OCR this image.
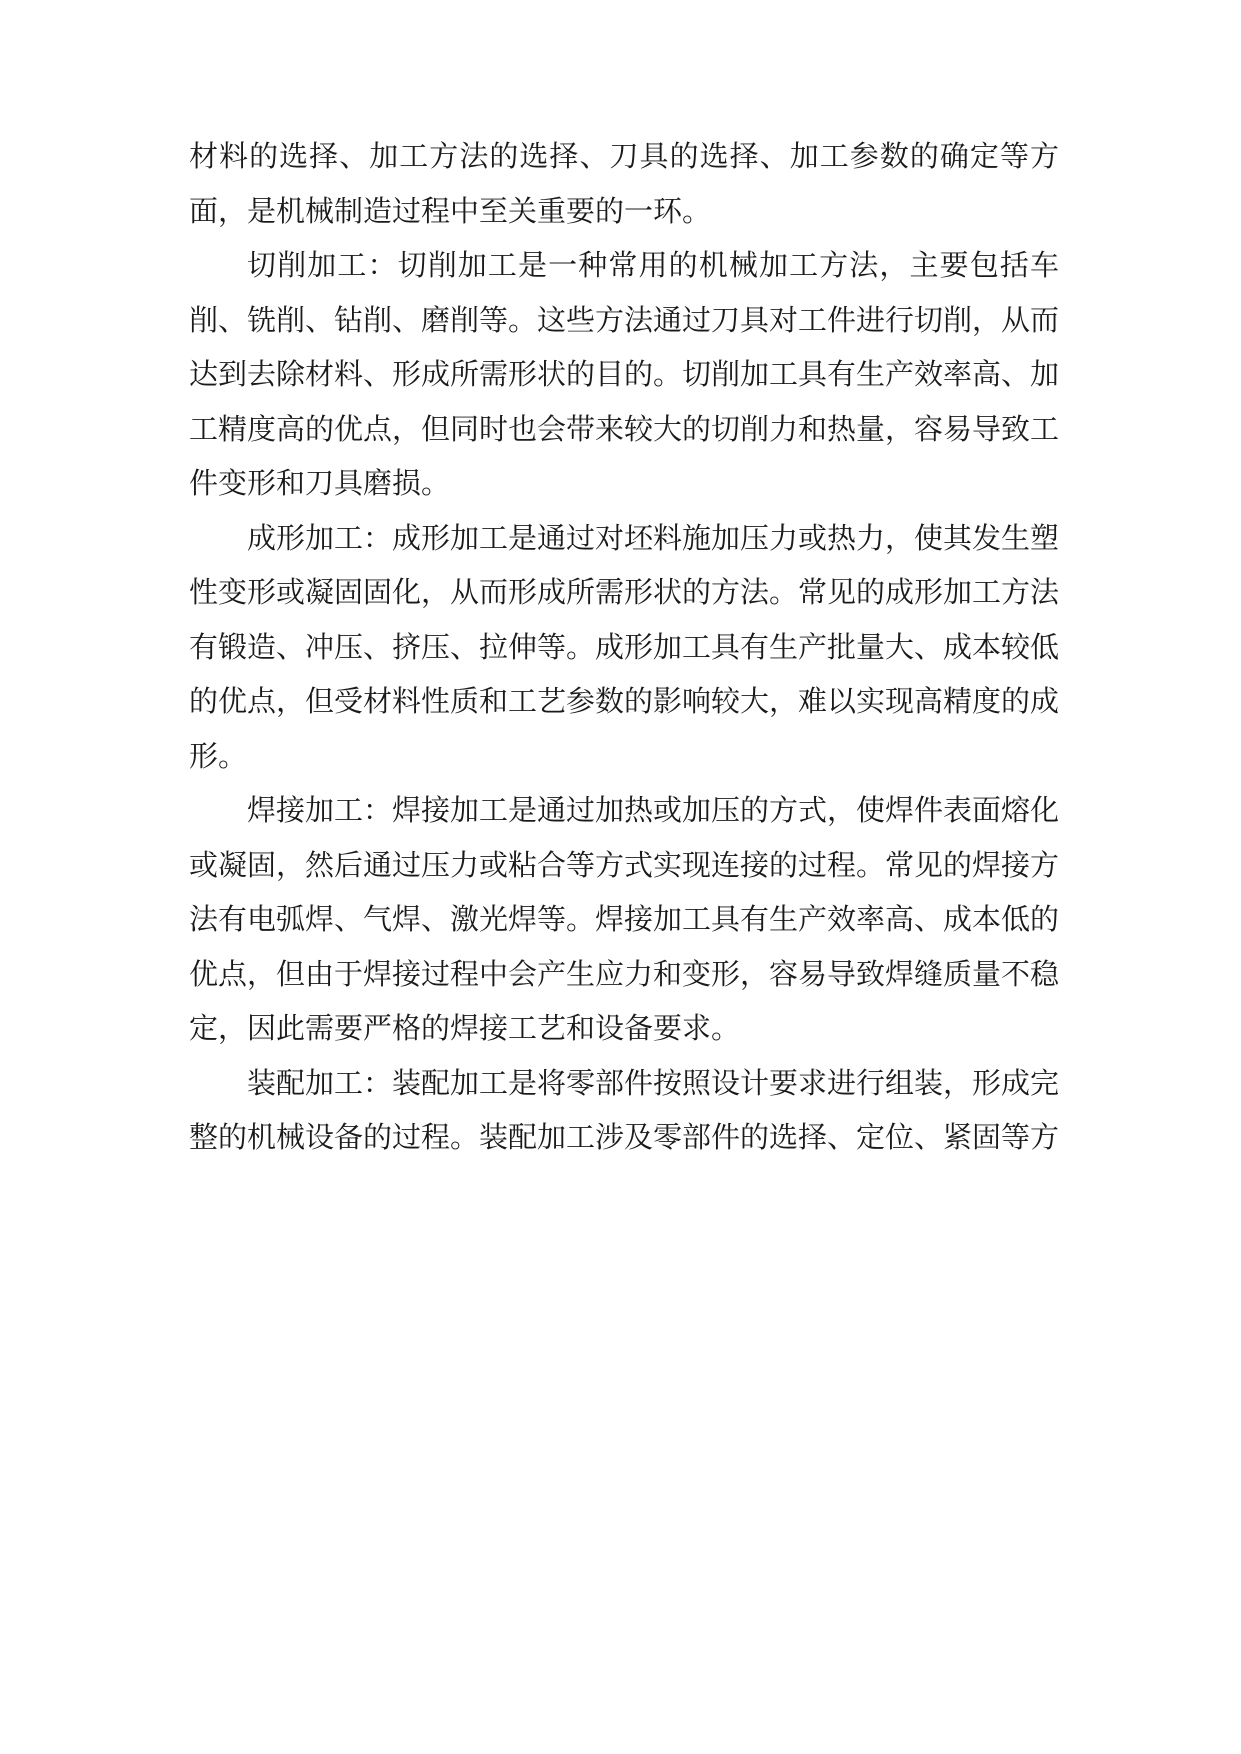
材料的选择、加工方法的选择、刀具的选择、加工参数的确定等方面，是机械制造过程中至关重要的一环。

切削加工：切削加工是一种常用的机械加工方法，主要包括车削、铣削、钻削、磨削等。这些方法通过刀具对工件进行切削，从而达到去除材料、形成所需形状的目的。切削加工具有生产效率高、加工精度高的优点，但同时也会带来较大的切削力和热量，容易导致工件变形和刀具磨损。

成形加工：成形加工是通过对坯料施加压力或热力，使其发生塑性变形或凝固固化，从而形成所需形状的方法。常见的成形加工方法有锻造、冲压、挤压、拉伸等。成形加工具有生产批量大、成本较低的优点，但受材料性质和工艺参数的影响较大，难以实现高精度的成形。

焊接加工：焊接加工是通过加热或加压的方式，使焊件表面熔化或凝固，然后通过压力或粘合等方式实现连接的过程。常见的焊接方法有电弧焊、气焊、激光焊等。焊接加工具有生产效率高、成本低的优点，但由于焊接过程中会产生应力和变形，容易导致焊缝质量不稳定，因此需要严格的焊接工艺和设备要求。

装配加工：装配加工是将零部件按照设计要求进行组装，形成完整的机械设备的过程。装配加工涉及零部件的选择、定位、紧固等方
